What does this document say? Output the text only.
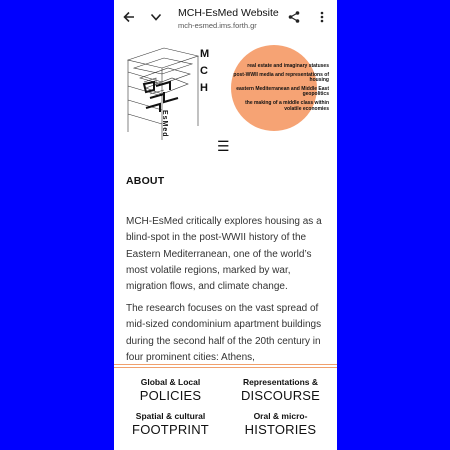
MCH-EsMed Website
mch-esmed.ims.forth.gr
M
C
H
EsMed
real estate and imaginary statuses
post-WWII media and representations of housing
eastern Mediterranean and Middle East geopolitics
the making of a middle class within volatile economies
☰
ABOUT
MCH-EsMed critically explores housing as a blind-spot in the post-WWII history of the Eastern Mediterranean, one of the world’s most volatile regions, marked by war, migration flows, and climate change.
The research focuses on the vast spread of mid-sized condominium apartment buildings during the second half of the 20th century in four prominent cities: Athens,
Global & Local
POLICIES
Representations &
DISCOURSE
Spatial & cultural
FOOTPRINT
Oral & micro-
HISTORIES
